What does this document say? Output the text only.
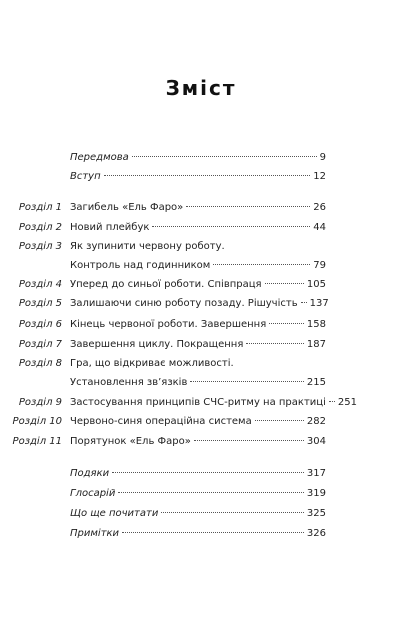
Зміст
Передмова	9
Вступ	12
Розділ 1 Загибель «Ель Фаро»	26
Розділ 2 Новий плейбук	44
Розділ 3 Як зупинити червону роботу.
Контроль над годинником	79
Розділ 4 Уперед до синьої роботи. Співпраця	105
Розділ 5 Залишаючи синю роботу позаду. Рішучість 137
Розділ 6 Кінець червоної роботи. Завершення	158
Розділ 7 Завершення циклу. Покращення	187
Розділ 8 Гра, що відкриває можливості.
Установлення зв’язків	215
Розділ 9 Застосування принципів СЧС-ритму на практиці 251
Розділ 10 Червоно-синя операційна система	282
Розділ 11 Порятунок «Ель Фаро»	304
Подяки	317
Глосарій	319
Що ще почитати	325
Примітки	326
